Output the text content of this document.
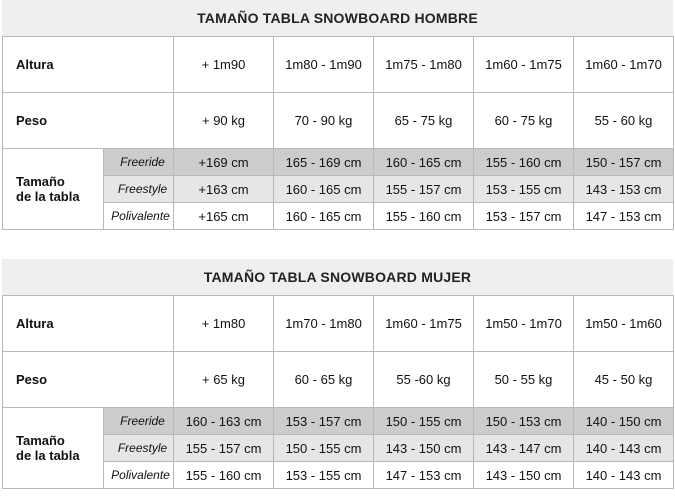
TAMAÑO TABLA SNOWBOARD HOMBRE
Altura		+ 1m90	1m80 - 1m90	1m75 - 1m80	1m60 - 1m75	1m60 - 1m70
Peso		+ 90 kg	70 - 90 kg	65 - 75 kg	60 - 75 kg	55 - 60 kg
Tamaño
de la tabla	Freeride	+169 cm	165 - 169 cm	160 - 165 cm	155 - 160 cm	150 - 157 cm
	Freestyle	+163 cm	160 - 165 cm	155 - 157 cm	153 - 155 cm	143 - 153 cm
	Polivalente	+165 cm	160 - 165 cm	155 - 160 cm	153 - 157 cm	147 - 153 cm
TAMAÑO TABLA SNOWBOARD MUJER
Altura		+ 1m80	1m70 - 1m80	1m60 - 1m75	1m50 - 1m70	1m50 - 1m60
Peso		+ 65 kg	60 - 65 kg	55 -60 kg	50 - 55 kg	45 - 50 kg
Tamaño
de la tabla	Freeride	160 - 163 cm	153 - 157 cm	150 - 155 cm	150 - 153 cm	140 - 150 cm
	Freestyle	155 - 157 cm	150 - 155 cm	143 - 150 cm	143 - 147 cm	140 - 143 cm
	Polivalente	155 - 160 cm	153 - 155 cm	147 - 153 cm	143 - 150 cm	140 - 143 cm
